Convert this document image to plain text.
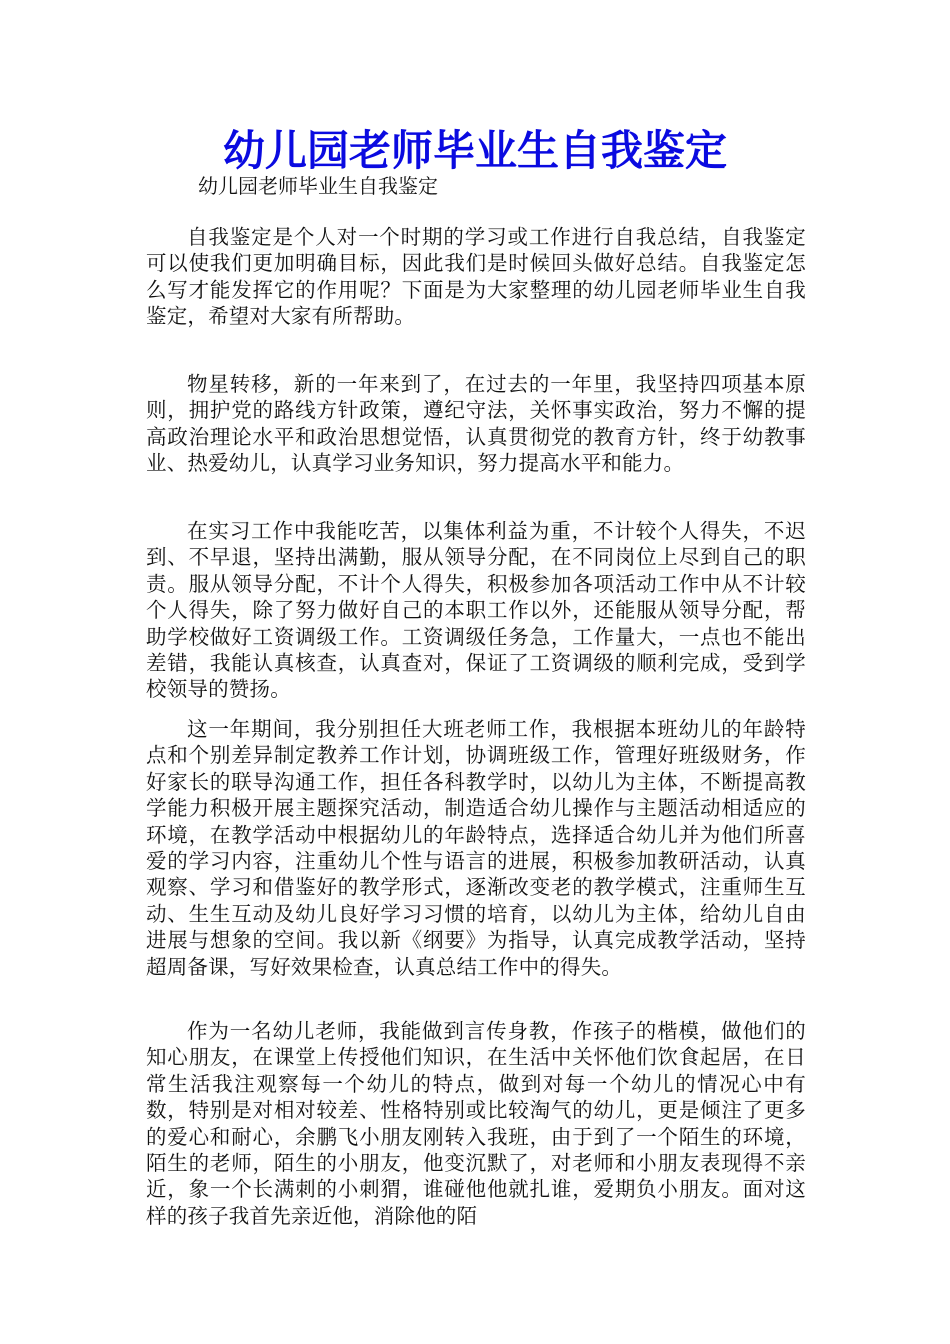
幼儿园老师毕业生自我鉴定

幼儿园老师毕业生自我鉴定

自我鉴定是个人对一个时期的学习或工作进行自我总结，自我鉴定可以使我们更加明确目标，因此我们是时候回头做好总结。自我鉴定怎么写才能发挥它的作用呢？下面是为大家整理的幼儿园老师毕业生自我鉴定，希望对大家有所帮助。

物星转移，新的一年来到了，在过去的一年里，我坚持四项基本原则，拥护党的路线方针政策，遵纪守法，关怀事实政治，努力不懈的提高政治理论水平和政治思想觉悟，认真贯彻党的教育方针，终于幼教事业、热爱幼儿，认真学习业务知识，努力提高水平和能力。

在实习工作中我能吃苦，以集体利益为重，不计较个人得失，不迟到、不早退，坚持出满勤，服从领导分配，在不同岗位上尽到自己的职责。服从领导分配，不计个人得失，积极参加各项活动工作中从不计较个人得失，除了努力做好自己的本职工作以外，还能服从领导分配，帮助学校做好工资调级工作。工资调级任务急，工作量大，一点也不能出差错，我能认真核查，认真查对，保证了工资调级的顺利完成，受到学校领导的赞扬。

这一年期间，我分别担任大班老师工作，我根据本班幼儿的年龄特点和个别差异制定教养工作计划，协调班级工作，管理好班级财务，作好家长的联导沟通工作，担任各科教学时，以幼儿为主体，不断提高教学能力积极开展主题探究活动，制造适合幼儿操作与主题活动相适应的环境，在教学活动中根据幼儿的年龄特点，选择适合幼儿并为他们所喜爱的学习内容，注重幼儿个性与语言的进展，积极参加教研活动，认真观察、学习和借鉴好的教学形式，逐渐改变老的教学模式，注重师生互动、生生互动及幼儿良好学习习惯的培育，以幼儿为主体，给幼儿自由进展与想象的空间。我以新《纲要》为指导，认真完成教学活动，坚持超周备课，写好效果检查，认真总结工作中的得失。

作为一名幼儿老师，我能做到言传身教，作孩子的楷模，做他们的知心朋友，在课堂上传授他们知识，在生活中关怀他们饮食起居，在日常生活我注观察每一个幼儿的特点，做到对每一个幼儿的情况心中有数，特别是对相对较差、性格特别或比较淘气的幼儿，更是倾注了更多的爱心和耐心，余鹏飞小朋友刚转入我班，由于到了一个陌生的环境，陌生的老师，陌生的小朋友，他变沉默了，对老师和小朋友表现得不亲近，象一个长满刺的小刺猬，谁碰他他就扎谁，爱期负小朋友。面对这样的孩子我首先亲近他，消除他的陌
